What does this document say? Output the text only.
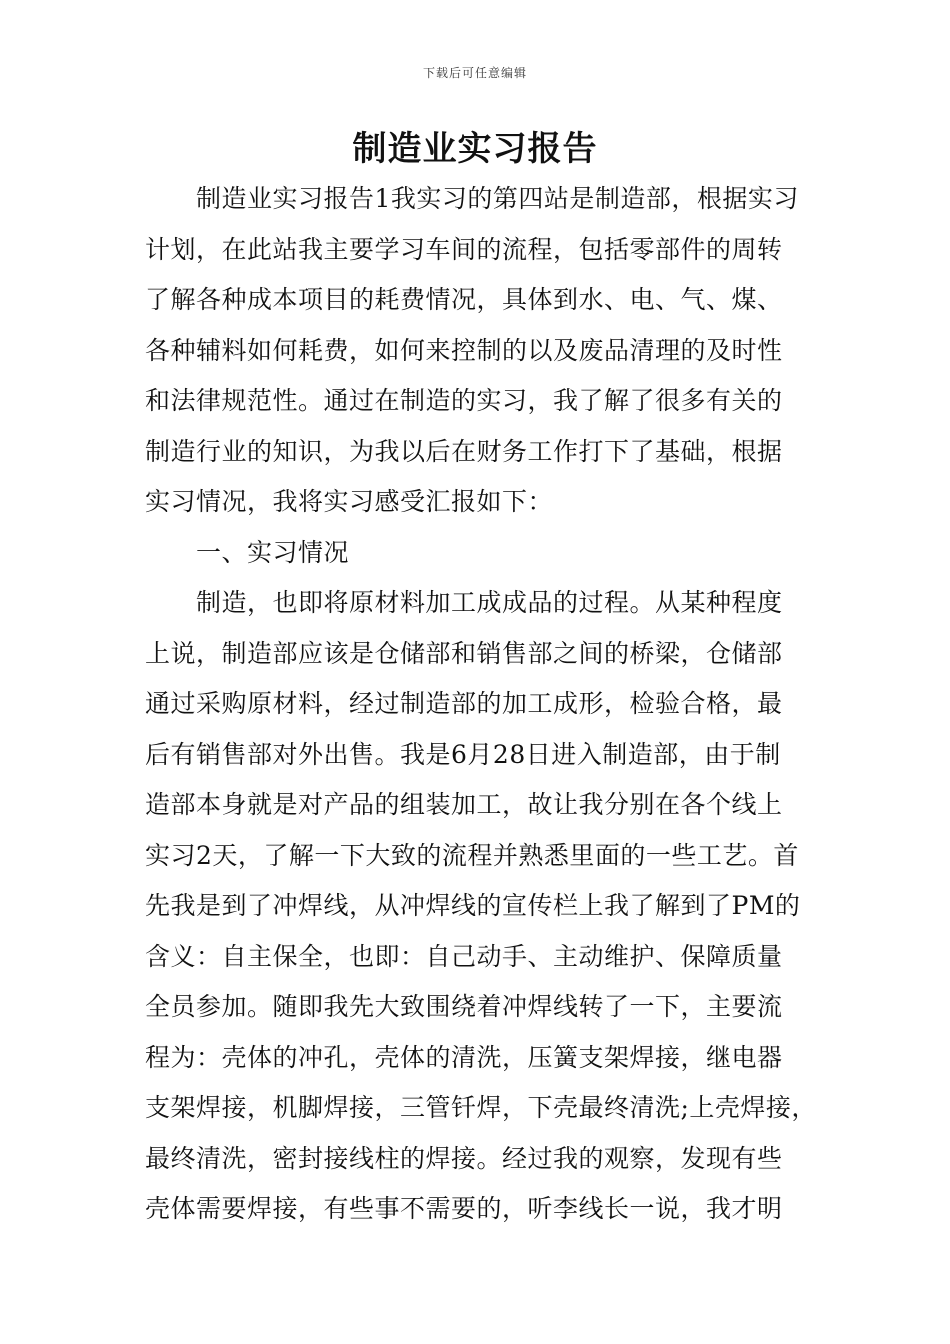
下载后可任意编辑
制造业实习报告
制造业实习报告1我实习的第四站是制造部，根据实习
计划，在此站我主要学习车间的流程，包括零部件的周转
了解各种成本项目的耗费情况，具体到水、电、气、煤、
各种辅料如何耗费，如何来控制的以及废品清理的及时性
和法律规范性。通过在制造的实习，我了解了很多有关的
制造行业的知识，为我以后在财务工作打下了基础，根据
实习情况，我将实习感受汇报如下：
一、实习情况
制造，也即将原材料加工成成品的过程。从某种程度
上说，制造部应该是仓储部和销售部之间的桥梁，仓储部
通过采购原材料，经过制造部的加工成形，检验合格，最
后有销售部对外出售。我是6月28日进入制造部，由于制
造部本身就是对产品的组装加工，故让我分别在各个线上
实习2天，了解一下大致的流程并熟悉里面的一些工艺。首
先我是到了冲焊线，从冲焊线的宣传栏上我了解到了PM的
含义：自主保全，也即：自己动手、主动维护、保障质量
全员参加。随即我先大致围绕着冲焊线转了一下，主要流
程为：壳体的冲孔，壳体的清洗，压簧支架焊接，继电器
支架焊接，机脚焊接，三管钎焊，下壳最终清洗;上壳焊接，
最终清洗，密封接线柱的焊接。经过我的观察，发现有些
壳体需要焊接，有些事不需要的，听李线长一说，我才明
